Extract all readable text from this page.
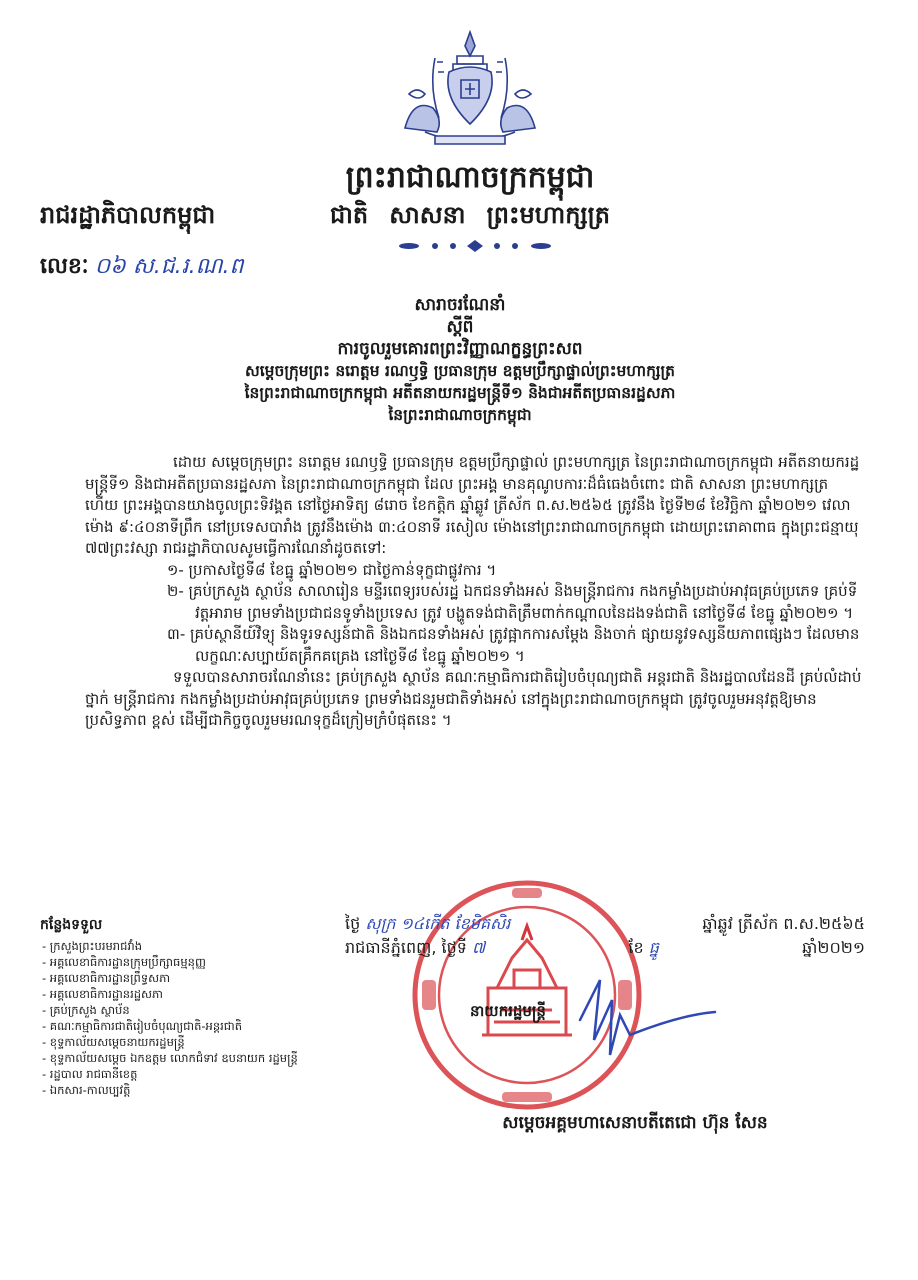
ព្រះរាជាណាចក្រកម្ពុជា
រាជរដ្ឋាភិបាលកម្ពុជា	ជាតិ សាសនា ព្រះមហាក្សត្រ
លេខៈ ០៦ ស.ជ.រ.ណ.ព
សារាចរណែនាំ
ស្ដីពី
ការចូលរួមគោរពព្រះវិញ្ញាណក្ខន្ធព្រះសព
សម្ដេចក្រុមព្រះ នរោត្តម រណឫទ្ធិ ប្រធានក្រុម ឧត្ដមប្រឹក្សាផ្ទាល់ព្រះមហាក្សត្រ
នៃព្រះរាជាណាចក្រកម្ពុជា អតីតនាយករដ្ឋមន្ត្រីទី១ និងជាអតីតប្រធានរដ្ឋសភា
នៃព្រះរាជាណាចក្រកម្ពុជា

ដោយ សម្ដេចក្រុមព្រះ នរោត្តម រណឫទ្ធិ ប្រធានក្រុម ឧត្ដមប្រឹក្សាផ្ទាល់ ព្រះមហាក្សត្រ នៃព្រះរាជាណាចក្រកម្ពុជា អតីតនាយករដ្ឋមន្ត្រីទី១ និងជាអតីតប្រធានរដ្ឋសភា នៃព្រះរាជាណាចក្រកម្ពុជា ដែល ព្រះអង្គ មានគុណូបការៈដ៏ធំធេងចំពោះ ជាតិ សាសនា ព្រះមហាក្សត្រ ហើយ ព្រះអង្គបានយាងចូលព្រះទិវង្គត នៅថ្ងៃអាទិត្យ ៨រោច ខែកត្តិក ឆ្នាំឆ្លូវ ត្រីស័ក ព.ស.២៥៦៥ ត្រូវនឹង ថ្ងៃទី២៨ ខែវិច្ឆិកា ឆ្នាំ២០២១ វេលាម៉ោង ៩:៤០នាទីព្រឹក នៅប្រទេសបារាំង ត្រូវនឹងម៉ោង ៣:៤០នាទី រសៀល ម៉ោងនៅព្រះរាជាណាចក្រកម្ពុជា ដោយព្រះរោគាពាធ ក្នុងព្រះជន្មាយុ ៧៧ព្រះវស្សា រាជរដ្ឋាភិបាលសូមធ្វើការណែនាំដូចតទៅ:

១- ប្រកាសថ្ងៃទី៨ ខែធ្នូ ឆ្នាំ២០២១ ជាថ្ងៃកាន់ទុក្ខជាផ្លូវការ ។

២- គ្រប់ក្រសួង ស្ថាប័ន សាលារៀន មន្ទីរពេទ្យរបស់រដ្ឋ ឯកជនទាំងអស់ និងមន្ត្រីរាជការ កងកម្លាំងប្រដាប់អាវុធគ្រប់ប្រភេទ គ្រប់ទីវត្តអារាម ព្រមទាំងប្រជាជនទូទាំងប្រទេស ត្រូវ បង្ហូតទង់ជាតិត្រឹមពាក់កណ្ដាលនៃដងទង់ជាតិ នៅថ្ងៃទី៨ ខែធ្នូ ឆ្នាំ២០២១ ។

៣- គ្រប់ស្ថានីយ៍វិទ្យុ និងទូរទស្សន៍ជាតិ និងឯកជនទាំងអស់ ត្រូវផ្អាកការសម្ដែង និងចាក់ ផ្សាយនូវទស្សនីយភាពផ្សេងៗ ដែលមានលក្ខណៈសប្បាយ៍តគ្រឹកគគ្រេង នៅថ្ងៃទី៨ ខែធ្នូ ឆ្នាំ២០២១ ។

ទទួលបានសារាចរណែនាំនេះ គ្រប់ក្រសួង ស្ថាប័ន គណៈកម្មាធិការជាតិរៀបចំបុណ្យជាតិ អន្តរជាតិ និងរដ្ឋបាលដែនដី គ្រប់លំដាប់ថ្នាក់ មន្ត្រីរាជការ កងកម្លាំងប្រដាប់អាវុធគ្រប់ប្រភេទ ព្រមទាំងជនរួមជាតិទាំងអស់ នៅក្នុងព្រះរាជាណាចក្រកម្ពុជា ត្រូវចូលរួមអនុវត្តឱ្យមានប្រសិទ្ធភាព ខ្ពស់ ដើម្បីជាកិច្ចចូលរួមមរណទុក្ខដ៏ក្រៀមក្រំបំផុតនេះ ។

កន្លែងទទួល
- ក្រសួងព្រះបរមរាជវាំង
- អគ្គលេខាធិការដ្ឋានក្រុមប្រឹក្សាធម្មនុញ្ញ
- អគ្គលេខាធិការដ្ឋានព្រឹទ្ធសភា
- អគ្គលេខាធិការដ្ឋានរដ្ឋសភា
- គ្រប់ក្រសួង ស្ថាប័ន
- គណៈកម្មាធិការជាតិរៀបចំបុណ្យជាតិ-អន្តរជាតិ
- ខុទ្ទកាល័យសម្ដេចនាយករដ្ឋមន្ត្រី
- ខុទ្ទកាល័យសម្ដេច ឯកឧត្ដម លោកជំទាវ ឧបនាយក រដ្ឋមន្ត្រី
- រដ្ឋបាល រាជធានីខេត្ត
- ឯកសារ-កាលប្បវត្តិ
ថ្ងៃ សុក្រ ១៤កើត ខែមិគសិរ	ឆ្នាំឆ្លូវ ត្រីស័ក ព.ស.២៥៦៥
រាជធានីភ្នំពេញ, ថ្ងៃទី ៧	ខែ ធ្នូ	ឆ្នាំ២០២១
នាយករដ្ឋមន្ត្រី
សម្ដេចអគ្គមហាសេនាបតីតេជោ ហ៊ុន សែន
